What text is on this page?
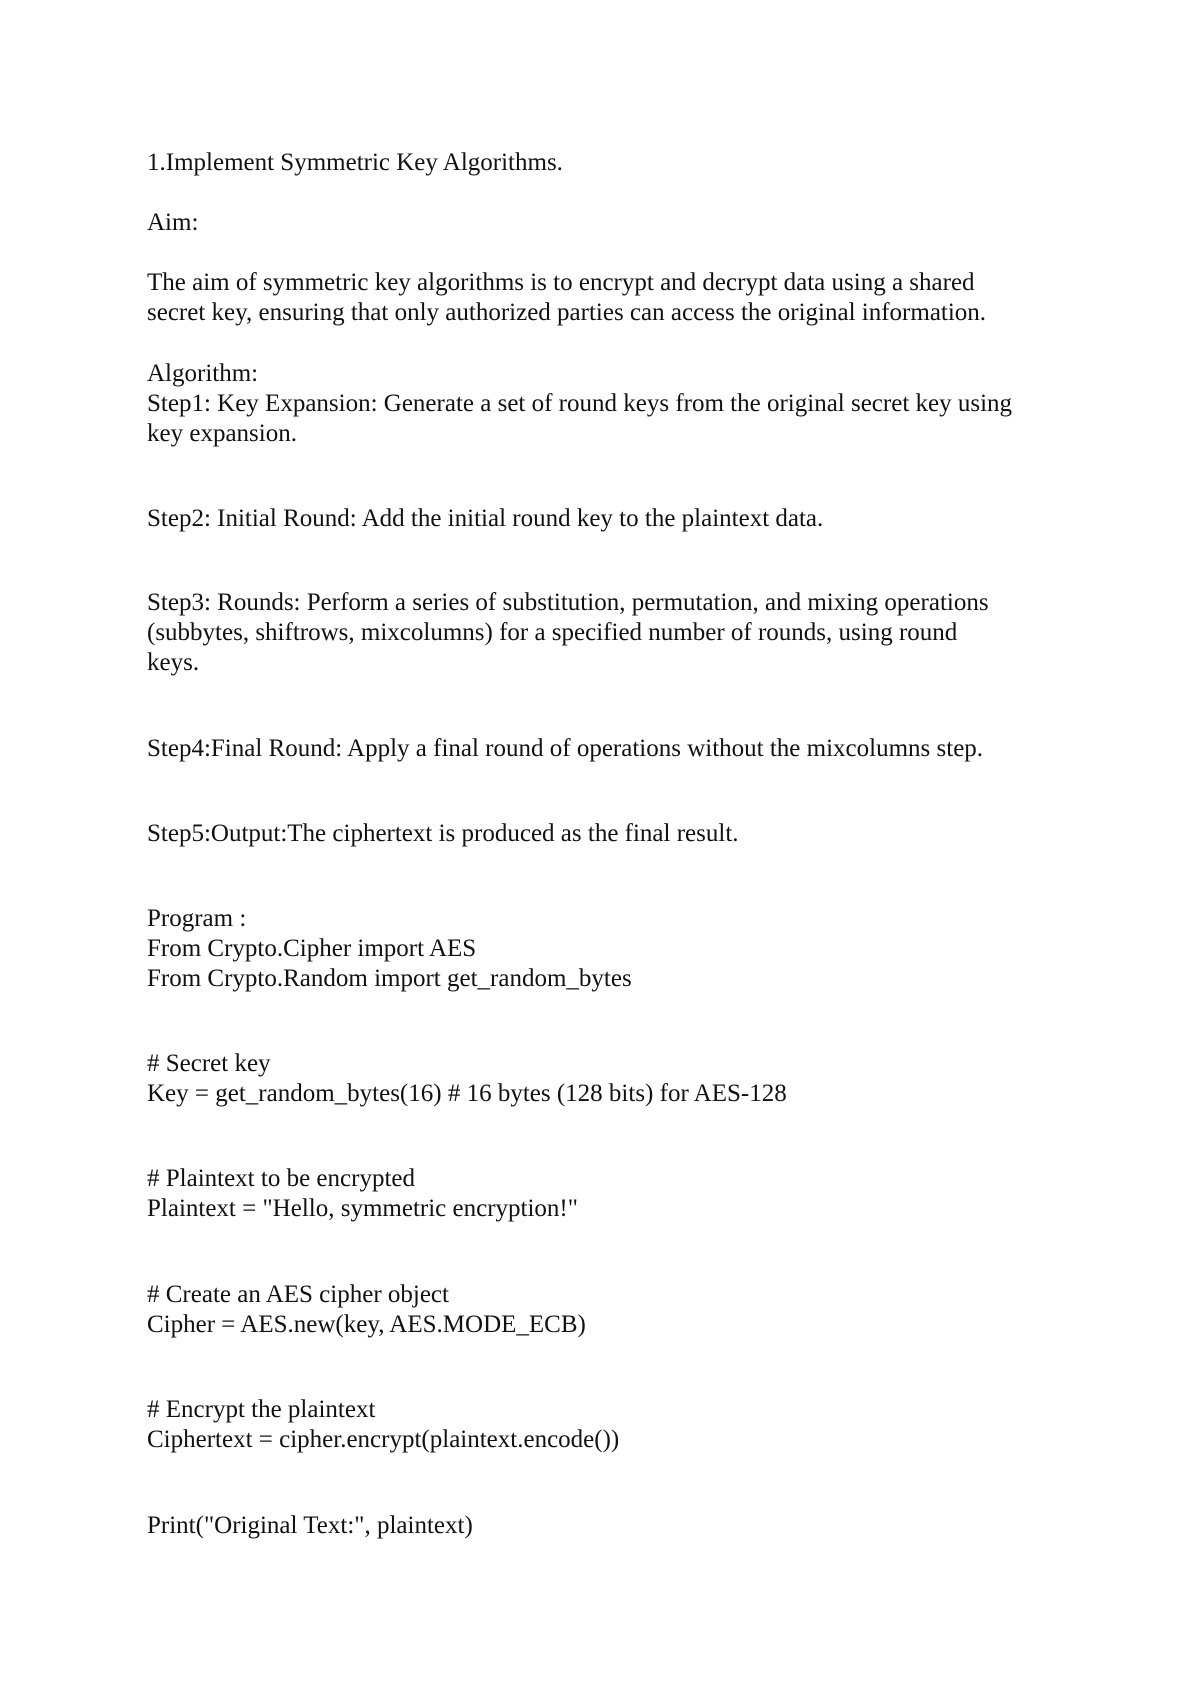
1.Implement Symmetric Key Algorithms.

Aim:

The aim of symmetric key algorithms is to encrypt and decrypt data using a shared

secret key, ensuring that only authorized parties can access the original information.

Algorithm:

Step1: Key Expansion: Generate a set of round keys from the original secret key using

key expansion.

Step2: Initial Round: Add the initial round key to the plaintext data.

Step3: Rounds: Perform a series of substitution, permutation, and mixing operations

(subbytes, shiftrows, mixcolumns) for a specified number of rounds, using round

keys.

Step4:Final Round: Apply a final round of operations without the mixcolumns step.

Step5:Output:The ciphertext is produced as the final result.

Program :

From Crypto.Cipher import AES

From Crypto.Random import get_random_bytes

# Secret key

Key = get_random_bytes(16) # 16 bytes (128 bits) for AES-128

# Plaintext to be encrypted

Plaintext = "Hello, symmetric encryption!"

# Create an AES cipher object

Cipher = AES.new(key, AES.MODE_ECB)

# Encrypt the plaintext

Ciphertext = cipher.encrypt(plaintext.encode())

Print("Original Text:", plaintext)
